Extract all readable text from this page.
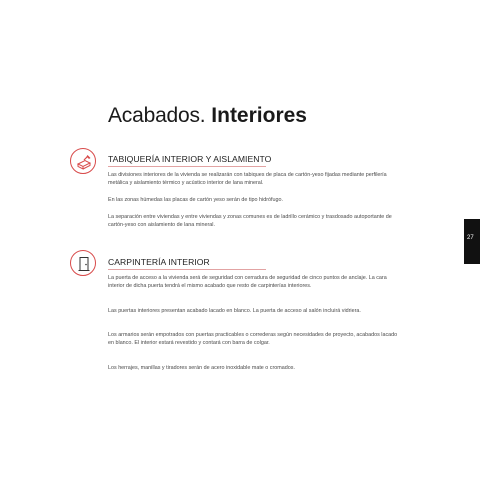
Acabados. Interiores
TABIQUERÍA INTERIOR Y AISLAMIENTO
Las divisiones interiores de la vivienda se realizarán con tabiques de placa de cartón-yeso fijadas mediante perfilería metálica y aislamiento térmico y acústico interior de lana mineral.
En las zonas húmedas las placas de cartón yeso serán de tipo hidrófugo.
La separación entre viviendas y entre viviendas y zonas comunes es de ladrillo cerámico y trasdosado autoportante de cartón-yeso con aislamiento de lana mineral.
CARPINTERÍA INTERIOR
La puerta de acceso a la vivienda será de seguridad con cerradura de seguridad de cinco puntos de anclaje. La cara interior de dicha puerta tendrá el mismo acabado que resto de carpinterías interiores.
Las puertas interiores presentan acabado lacado en blanco. La puerta de acceso al salón incluirá vidriera.
Los armarios serán empotrados con puertas practicables o correderas según necesidades de proyecto, acabados lacado en blanco. El interior estará revestido y contará con barra de colgar.
Los herrajes, manillas y tiradores serán de acero inoxidable mate o cromados.
27
